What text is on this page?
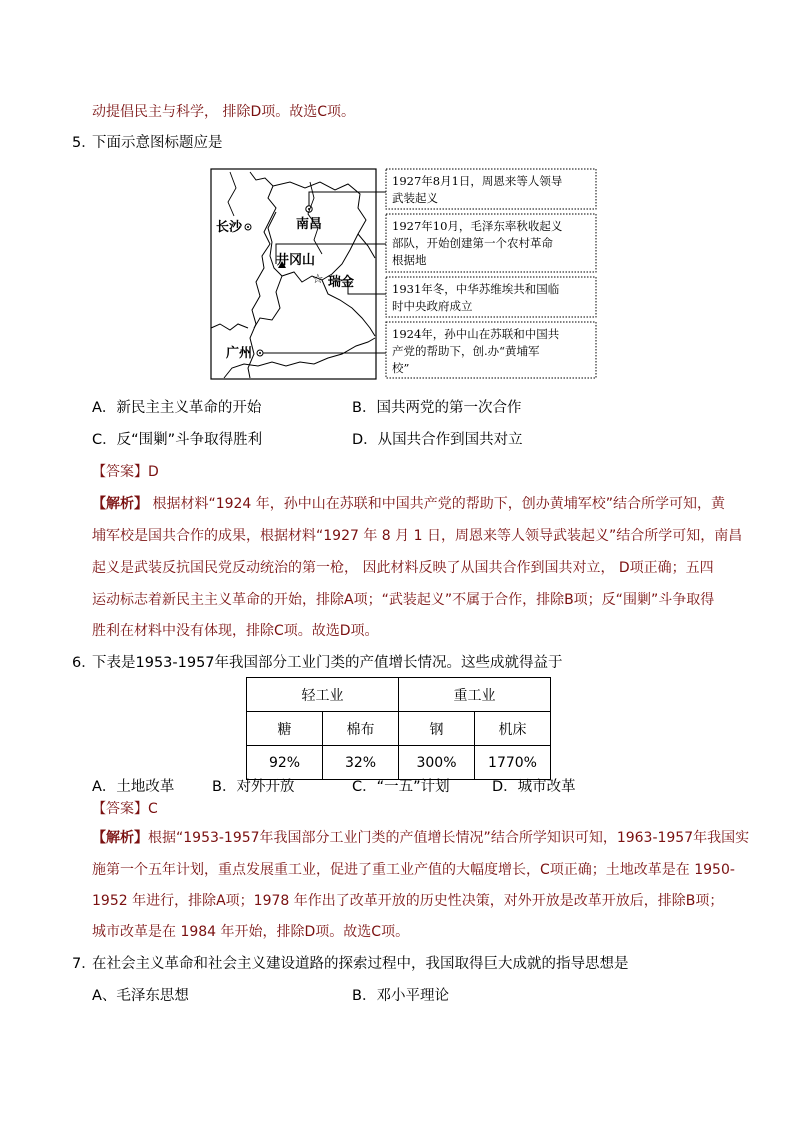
动提倡民主与科学， 排除D项。故选C项。
5．
下面示意图标题应是
长沙	南昌
井冈山
☆ 瑞金
广州
1927年8月1日，周恩来等人领导
武装起义
1927年10月，毛泽东率秋收起义
部队，开始创建第一个农村革命
根据地
1931年冬，中华苏维埃共和国临
时中央政府成立
1924年，孙中山在苏联和中国共
产党的帮助下，创.办“黄埔军
校”
A．新民主主义革命的开始	B．国共两党的第一次合作
C．反“围剿”斗争取得胜利	D．从国共合作到国共对立
【答案】D
【解析】 根据材料“1924 年，孙中山在苏联和中国共产党的帮助下，创办黄埔军校”结合所学可知，黄
埔军校是国共合作的成果，根据材料“1927 年 8 月 1 日，周恩来等人领导武装起义”结合所学可知，南昌
起义是武装反抗国民党反动统治的第一枪， 因此材料反映了从国共合作到国共对立， D项正确；五四
运动标志着新民主主义革命的开始，排除A项；“武装起义”不属于合作，排除B项；反“围剿”斗争取得
胜利在材料中没有体现，排除C项。故选D项。
6．
下表是1953-1957年我国部分工业门类的产值增长情况。这些成就得益于
轻工业		重工业	
糖	棉布	钢	机床
92%	32%	300%	1770%
A．土地改革	B．对外开放	C．“一五”计划	D．城市改革
【答案】C
【解析】根据“1953-1957年我国部分工业门类的产值增长情况”结合所学知识可知，1963-1957年我国实
施第一个五年计划，重点发展重工业，促进了重工业产值的大幅度增长，C项正确；土地改革是在 1950-
1952 年进行，排除A项；1978 年作出了改革开放的历史性决策，对外开放是改革开放后，排除B项；
城市改革是在 1984 年开始，排除D项。故选C项。
7．
在社会主义革命和社会主义建设道路的探索过程中，我国取得巨大成就的指导思想是
A、毛泽东思想	B．邓小平理论
